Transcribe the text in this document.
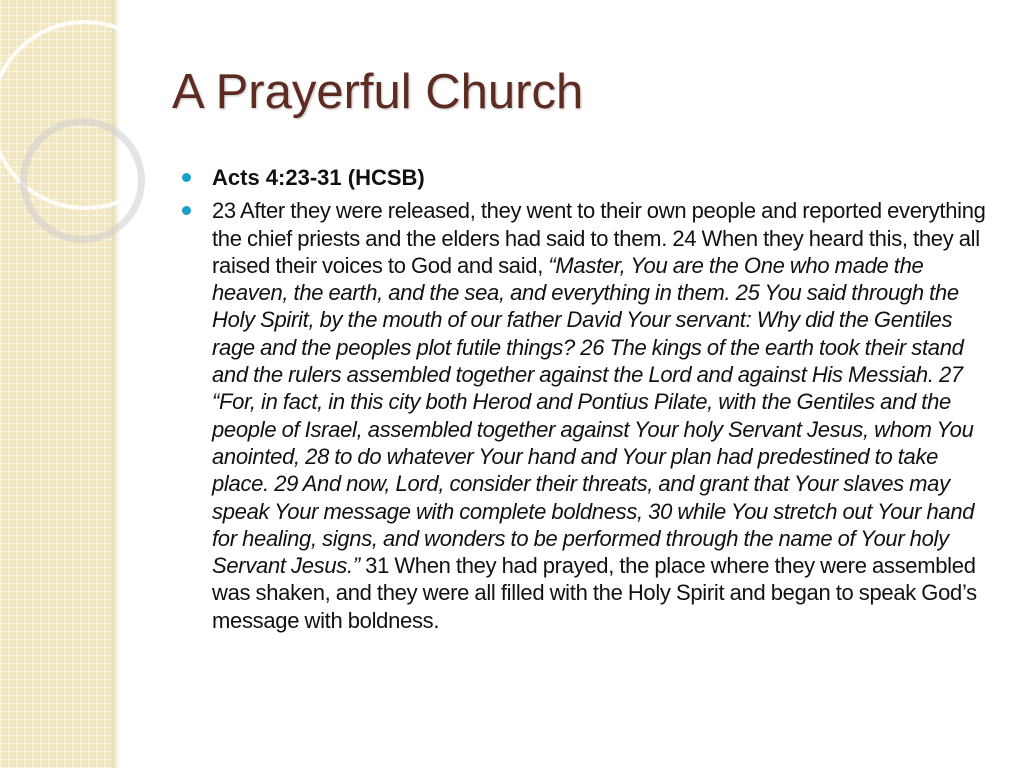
A Prayerful Church
Acts 4:23-31 (HCSB)
23 After they were released, they went to their own people and reported everything the chief priests and the elders had said to them. 24 When they heard this, they all raised their voices to God and said, “Master, You are the One who made the heaven, the earth, and the sea, and everything in them. 25 You said through the Holy Spirit, by the mouth of our father David Your servant: Why did the Gentiles rage and the peoples plot futile things? 26 The kings of the earth took their stand and the rulers assembled together against the Lord and against His Messiah. 27 “For, in fact, in this city both Herod and Pontius Pilate, with the Gentiles and the people of Israel, assembled together against Your holy Servant Jesus, whom You anointed, 28 to do whatever Your hand and Your plan had predestined to take place. 29 And now, Lord, consider their threats, and grant that Your slaves may speak Your message with complete boldness, 30 while You stretch out Your hand for healing, signs, and wonders to be performed through the name of Your holy Servant Jesus.” 31 When they had prayed, the place where they were assembled was shaken, and they were all filled with the Holy Spirit and began to speak God’s message with boldness.
